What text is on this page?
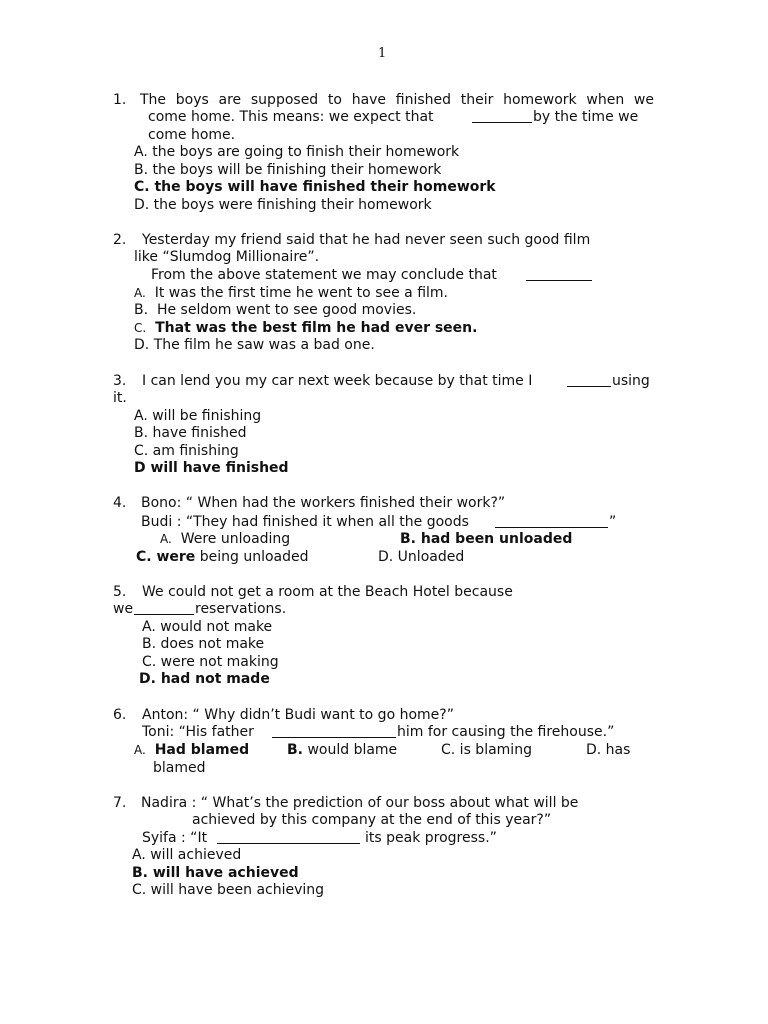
1
1. The boys are supposed to have finished their homework when we
come home. This means: we expect that	by the time we
come home.
A. the boys are going to finish their homework
B. the boys will be finishing their homework
C. the boys will have finished their homework
D. the boys were finishing their homework
2. Yesterday my friend said that he had never seen such good film
like “Slumdog Millionaire”.
From the above statement we may conclude that
A. It was the first time he went to see a film.
B. He seldom went to see good movies.
C. That was the best film he had ever seen.
D. The film he saw was a bad one.
3. I can lend you my car next week because by that time I	using
it.
A. will be finishing
B. have finished
C. am finishing
D will have finished
4. Bono: “ When had the workers finished their work?”
Budi : “They had finished it when all the goods	”
A. Were unloading	B. had been unloaded
C. were being unloaded	D. Unloaded
5. We could not get a room at the Beach Hotel because
we	reservations.
A. would not make
B. does not make
C. were not making
D. had not made
6. Anton: “ Why didn’t Budi want to go home?”
Toni: “His father	him for causing the firehouse.”
A. Had blamed	B. would blame	C. is blaming	D. has
blamed
7. Nadira : “ What’s the prediction of our boss about what will be
achieved by this company at the end of this year?”
Syifa : “It	its peak progress.”
A. will achieved
B. will have achieved
C. will have been achieving
